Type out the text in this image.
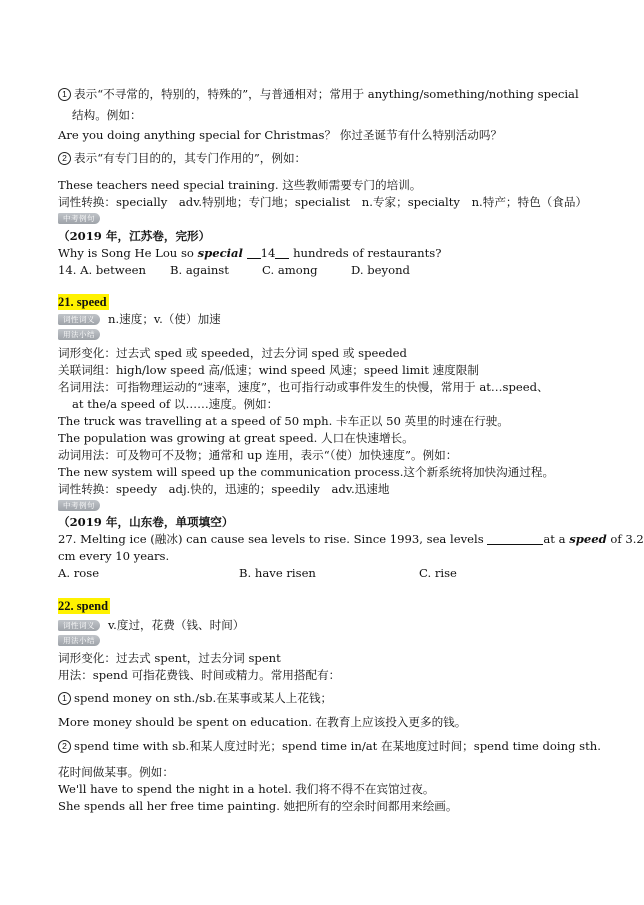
1 表示“不寻常的，特别的，特殊的”，与普通相对；常用于 anything/something/nothing special
结构。例如：
Are you doing anything special for Christmas？ 你过圣诞节有什么特别活动吗？
2 表示“有专门目的的，其专门作用的”，例如：
These teachers need special training. 这些教师需要专门的培训。
词性转换：specially　adv.特别地；专门地；specialist　n.专家；specialty　n.特产；特色（食品）
中考例句
（2019 年，江苏卷，完形）
Why is Song He Lou so special 14 hundreds of restaurants?
14. A. between B. against	C. among	D. beyond
21. speed
词性词义	n.速度；v.（使）加速
用法小结
词形变化：过去式 sped 或 speeded，过去分词 sped 或 speeded
关联词组：high/low speed 高/低速；wind speed 风速；speed limit 速度限制
名词用法：可指物理运动的“速率，速度”，也可指行动或事件发生的快慢，常用于 at…speed、
at the/a speed of 以……速度。例如：
The truck was travelling at a speed of 50 mph. 卡车正以 50 英里的时速在行驶。
The population was growing at great speed. 人口在快速增长。
动词用法：可及物可不及物；通常和 up 连用，表示“（使）加快速度”。例如：
The new system will speed up the communication process.这个新系统将加快沟通过程。
词性转换：speedy　adj.快的，迅速的；speedily　adv.迅速地
中考例句
（2019 年，山东卷，单项填空）
27. Melting ice (融冰) can cause sea levels to rise. Since 1993, sea levels	at a speed of 3.2
cm every 10 years.
A. rose	B. have risen	C. rise
22. spend
词性词义	v.度过，花费（钱、时间）
用法小结
词形变化：过去式 spent，过去分词 spent
用法：spend 可指花费钱、时间或精力。常用搭配有：
1 spend money on sth./sb.在某事或某人上花钱；
More money should be spent on education. 在教育上应该投入更多的钱。
2 spend time with sb.和某人度过时光；spend time in/at 在某地度过时间；spend time doing sth.
花时间做某事。例如：
We'll have to spend the night in a hotel. 我们将不得不在宾馆过夜。
She spends all her free time painting. 她把所有的空余时间都用来绘画。
